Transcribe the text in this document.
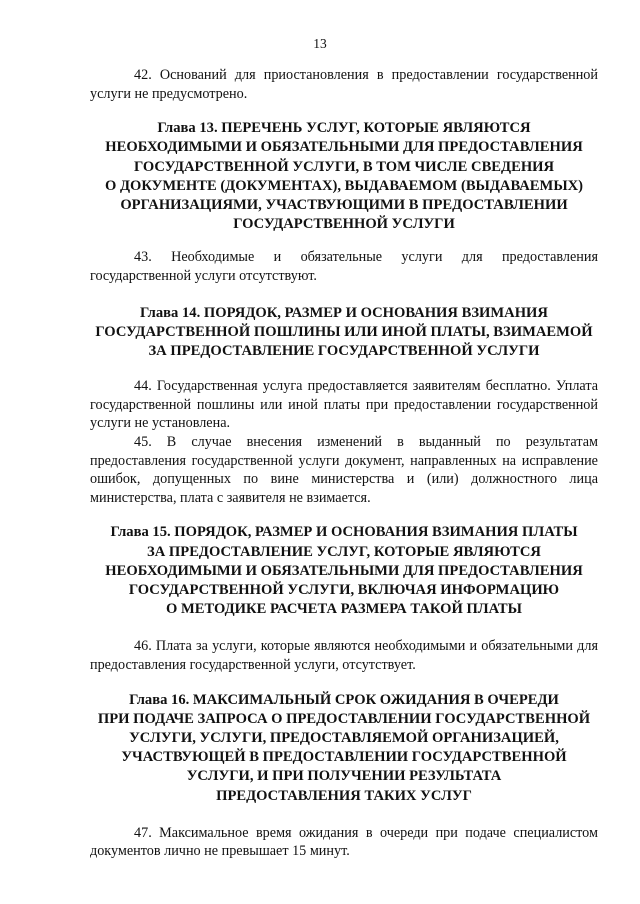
13

42. Оснований для приостановления в предоставлении государственной услуги не предусмотрено.

Глава 13. ПЕРЕЧЕНЬ УСЛУГ, КОТОРЫЕ ЯВЛЯЮТСЯ
НЕОБХОДИМЫМИ И ОБЯЗАТЕЛЬНЫМИ ДЛЯ ПРЕДОСТАВЛЕНИЯ
ГОСУДАРСТВЕННОЙ УСЛУГИ, В ТОМ ЧИСЛЕ СВЕДЕНИЯ
О ДОКУМЕНТЕ (ДОКУМЕНТАХ), ВЫДАВАЕМОМ (ВЫДАВАЕМЫХ)
ОРГАНИЗАЦИЯМИ, УЧАСТВУЮЩИМИ В ПРЕДОСТАВЛЕНИИ
ГОСУДАРСТВЕННОЙ УСЛУГИ

43. Необходимые и обязательные услуги для предоставления государственной услуги отсутствуют.

Глава 14. ПОРЯДОК, РАЗМЕР И ОСНОВАНИЯ ВЗИМАНИЯ
ГОСУДАРСТВЕННОЙ ПОШЛИНЫ ИЛИ ИНОЙ ПЛАТЫ, ВЗИМАЕМОЙ
ЗА ПРЕДОСТАВЛЕНИЕ ГОСУДАРСТВЕННОЙ УСЛУГИ

44. Государственная услуга предоставляется заявителям бесплатно. Уплата государственной пошлины или иной платы при предоставлении государственной услуги не установлена.

45. В случае внесения изменений в выданный по результатам предоставления государственной услуги документ, направленных на исправление ошибок, допущенных по вине министерства и (или) должностного лица министерства, плата с заявителя не взимается.

Глава 15. ПОРЯДОК, РАЗМЕР И ОСНОВАНИЯ ВЗИМАНИЯ ПЛАТЫ
ЗА ПРЕДОСТАВЛЕНИЕ УСЛУГ, КОТОРЫЕ ЯВЛЯЮТСЯ
НЕОБХОДИМЫМИ И ОБЯЗАТЕЛЬНЫМИ ДЛЯ ПРЕДОСТАВЛЕНИЯ
ГОСУДАРСТВЕННОЙ УСЛУГИ, ВКЛЮЧАЯ ИНФОРМАЦИЮ
О МЕТОДИКЕ РАСЧЕТА РАЗМЕРА ТАКОЙ ПЛАТЫ

46. Плата за услуги, которые являются необходимыми и обязательными для предоставления государственной услуги, отсутствует.

Глава 16. МАКСИМАЛЬНЫЙ СРОК ОЖИДАНИЯ В ОЧЕРЕДИ
ПРИ ПОДАЧЕ ЗАПРОСА О ПРЕДОСТАВЛЕНИИ ГОСУДАРСТВЕННОЙ
УСЛУГИ, УСЛУГИ, ПРЕДОСТАВЛЯЕМОЙ ОРГАНИЗАЦИЕЙ,
УЧАСТВУЮЩЕЙ В ПРЕДОСТАВЛЕНИИ ГОСУДАРСТВЕННОЙ
УСЛУГИ, И ПРИ ПОЛУЧЕНИИ РЕЗУЛЬТАТА
ПРЕДОСТАВЛЕНИЯ ТАКИХ УСЛУГ

47. Максимальное время ожидания в очереди при подаче специалистом документов лично не превышает 15 минут.
